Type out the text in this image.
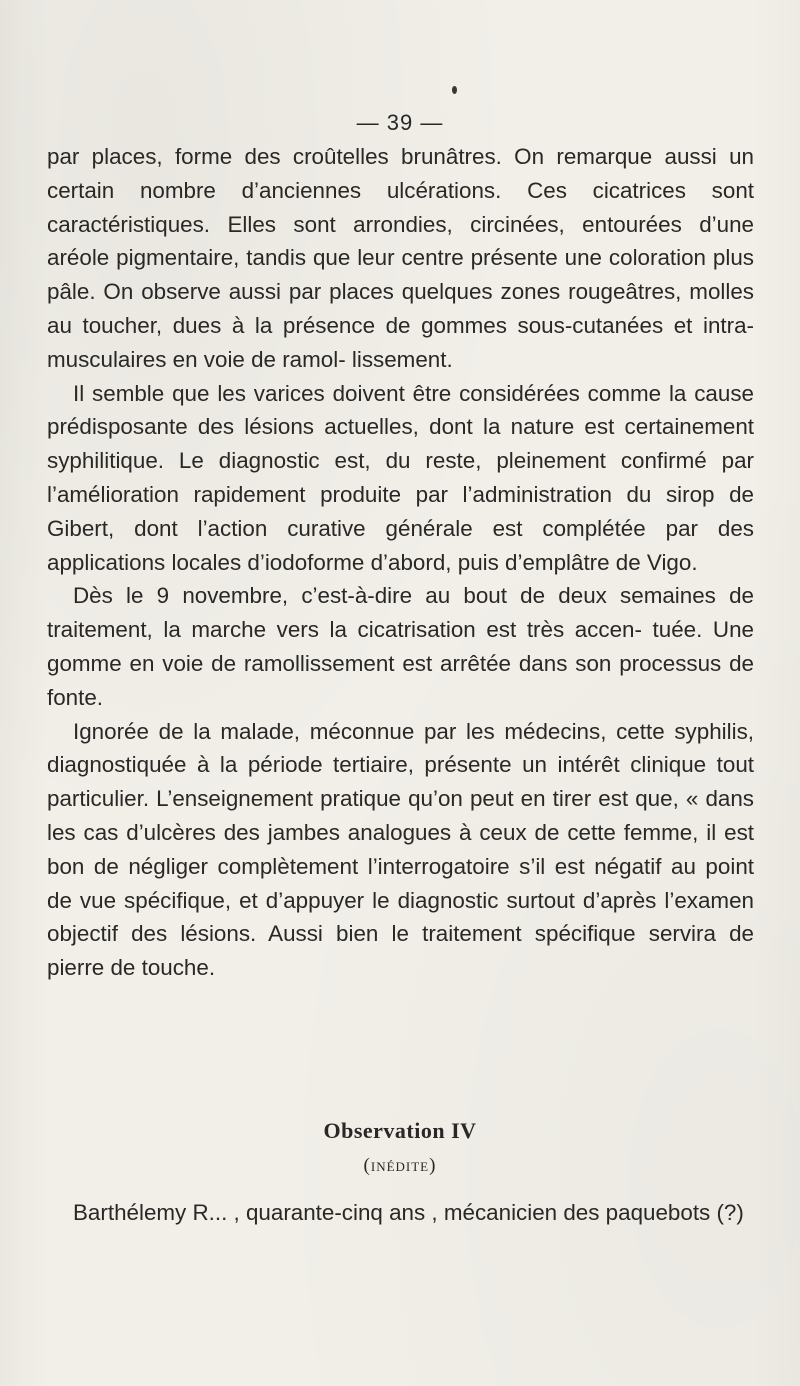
— 39 —

par places, forme des croûtelles brunâtres. On remarque aussi un certain nombre d’anciennes ulcérations. Ces cicatrices sont caractéristiques. Elles sont arrondies, circinées, entourées d’une aréole pigmentaire, tandis que leur centre présente une coloration plus pâle. On observe aussi par places quelques zones rougeâtres, molles au toucher, dues à la présence de gommes sous-cutanées et intra-musculaires en voie de ramol- lissement.

Il semble que les varices doivent être considérées comme la cause prédisposante des lésions actuelles, dont la nature est certainement syphilitique. Le diagnostic est, du reste, pleinement confirmé par l’amélioration rapidement produite par l’administration du sirop de Gibert, dont l’action curative générale est complétée par des applications locales d’iodoforme d’abord, puis d’emplâtre de Vigo.

Dès le 9 novembre, c’est-à-dire au bout de deux semaines de traitement, la marche vers la cicatrisation est très accen- tuée. Une gomme en voie de ramollissement est arrêtée dans son processus de fonte.

Ignorée de la malade, méconnue par les médecins, cette syphilis, diagnostiquée à la période tertiaire, présente un intérêt clinique tout particulier. L’enseignement pratique qu’on peut en tirer est que, « dans les cas d’ulcères des jambes analogues à ceux de cette femme, il est bon de négliger complètement l’interrogatoire s’il est négatif au point de vue spécifique, et d’appuyer le diagnostic surtout d’après l’examen objectif des lésions. Aussi bien le traitement spécifique servira de pierre de touche.

Observation IV
(inédite)

Barthélemy R... , quarante-cinq ans , mécanicien des paquebots (?)
